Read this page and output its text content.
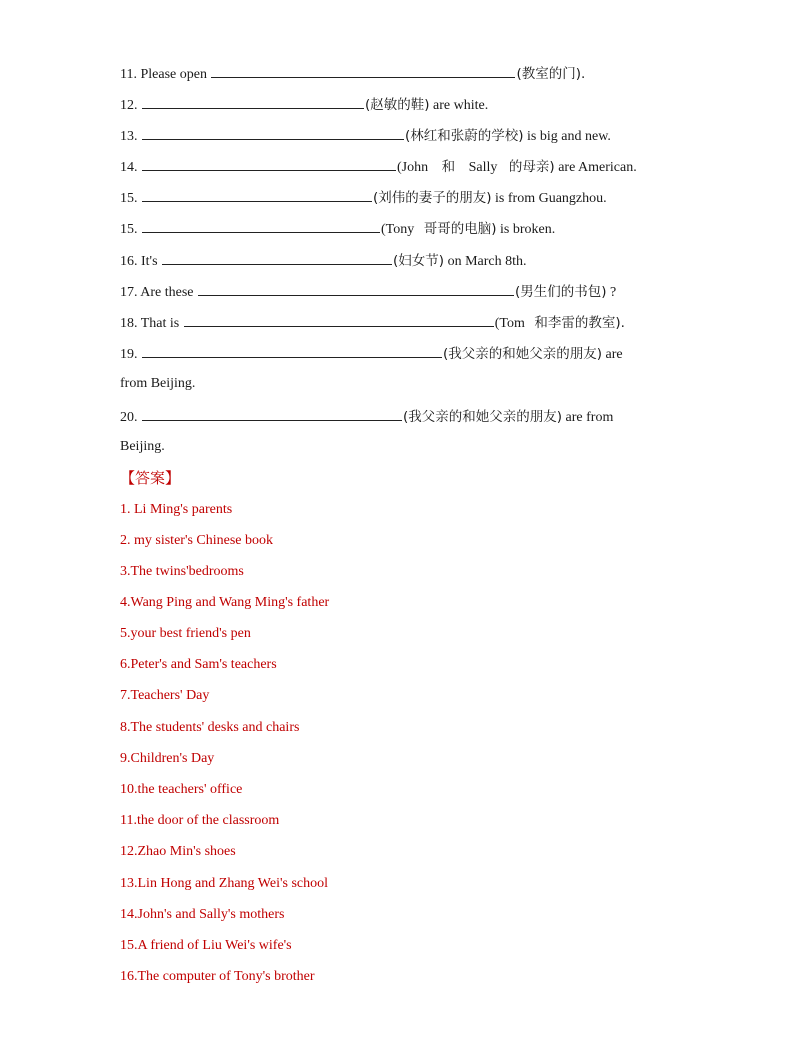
11. Please open	(教室的门).
12.	(赵敏的鞋) are white.
13.	(林红和张蔚的学校) is big and new.
14.	(John 和 Sally 的母亲) are American.
15.	(刘伟的妻子的朋友) is from Guangzhou.
15.	(Tony 哥哥的电脑) is broken.
16. It's	(妇女节) on March 8th.
17. Are these	(男生们的书包) ?
18. That is	(Tom 和李雷的教室).
19.	(我父亲的和她父亲的朋友) are
from Beijing.
20.	(我父亲的和她父亲的朋友) are from
Beijing.
【答案】
1. Li Ming's parents
2. my sister's Chinese book
3.The twins'bedrooms
4.Wang Ping and Wang Ming's father
5.your best friend's pen
6.Peter's and Sam's teachers
7.Teachers' Day
8.The students' desks and chairs
9.Children's Day
10.the teachers' office
11.the door of the classroom
12.Zhao Min's shoes
13.Lin Hong and Zhang Wei's school
14.John's and Sally's mothers
15.A friend of Liu Wei's wife's
16.The computer of Tony's brother
